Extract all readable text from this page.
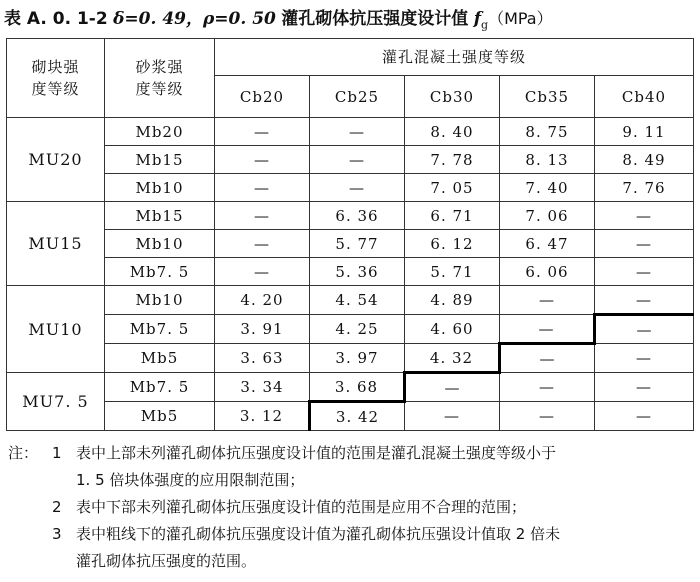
表 A. 0. 1-2 δ=0. 49，ρ=0. 50 灌孔砌体抗压强度设计值 $f_g(MPa)$
砌块强
度等级	砂浆强
度等级	灌孔混凝土强度等级				
		Cb20	Cb25	Cb30	Cb35	Cb40
MU20	Mb20	—	—	8. 40	8. 75	9. 11
	Mb15	—	—	7. 78	8. 13	8. 49
	Mb10	—	—	7. 05	7. 40	7. 76
MU15	Mb15	—	6. 36	6. 71	7. 06	—
	Mb10	—	5. 77	6. 12	6. 47	—
	Mb7. 5	—	5. 36	5. 71	6. 06	—
MU10	Mb10	4. 20	4. 54	4. 89	—	—
	Mb7. 5	3. 91	4. 25	4. 60	—	—
	Mb5	3. 63	3. 97	4. 32	—	—
MU7. 5	Mb7. 5	3. 34	3. 68	—	—	—
	Mb5	3. 12	3. 42	—	—	—
注： 1 表中上部未列灌孔砌体抗压强度设计值的范围是灌孔混凝土强度等级小于
1. 5 倍块体强度的应用限制范围；
2 表中下部未列灌孔砌体抗压强度设计值的范围是应用不合理的范围；
3 表中粗线下的灌孔砌体抗压强度设计值为灌孔砌体抗压强设计值取 2 倍未
灌孔砌体抗压强度的范围。
